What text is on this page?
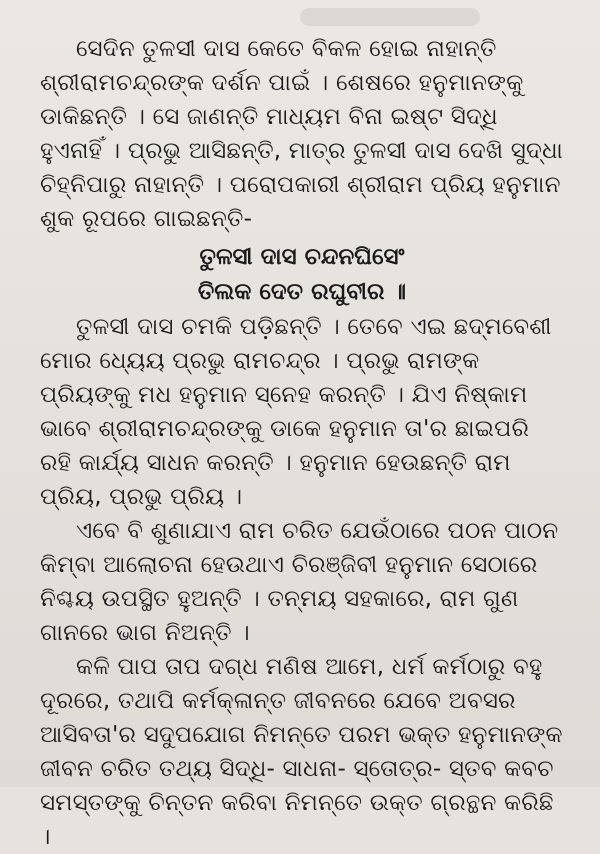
ସେଦିନ ତୁଳସୀ ଦାସ କେତେ ବିକଳ ହୋଇ ନାହାନ୍ତି ଶ୍ରୀରାମଚନ୍ଦ୍ରଙ୍କ ଦର୍ଶନ ପାଇଁ । ଶେଷରେ ହନୁମାନଙ୍କୁ ଡାକିଛନ୍ତି । ସେ ଜାଣନ୍ତି ମାଧ୍ୟମ ବିନା ଇଷ୍ଟ ସିଦ୍ଧି ହୁଏନାହିଁ । ପ୍ରଭୁ ଆସିଛନ୍ତି, ମାତ୍ର ତୁଳସୀ ଦାସ ଦେଖି ସୁଦ୍ଧା ଚିହ୍ନିପାରୁ ନାହାନ୍ତି । ପରୋପକାରୀ ଶ୍ରୀରାମ ପ୍ରିୟ ହନୁମାନ ଶୁକ ରୂପରେ ଗାଇଛନ୍ତି-

ତୁଳସୀ ଦାସ ଚନ୍ଦନଘିସେଂ

ତିଲକ ଦେତ ରଘୁବୀର ॥

ତୁଳସୀ ଦାସ ଚମକି ପଡ଼ିଛନ୍ତି । ତେବେ ଏଇ ଛଦ୍ମବେଶୀ ମୋର ଧ୍ୟେୟ ପ୍ରଭୁ ରାମଚନ୍ଦ୍ର । ପ୍ରଭୁ ରାମଙ୍କ ପ୍ରିୟଙ୍କୁ ମଧ ହନୁମାନ ସ୍ନେହ କରନ୍ତି । ଯିଏ ନିଷ୍କାମ ଭାବେ ଶ୍ରୀରାମଚନ୍ଦ୍ରଙ୍କୁ ଡାକେ ହନୁମାନ ତା'ର ଛାଇପରି ରହି କାର୍ଯ୍ୟ ସାଧନ କରନ୍ତି । ହନୁମାନ ହେଉଛନ୍ତି ରାମ ପ୍ରିୟ, ପ୍ରଭୁ ପ୍ରିୟ ।

ଏବେ ବି ଶୁଣାଯାଏ ରାମ ଚରିତ ଯେଉଁଠାରେ ପଠନ ପାଠନ କିମ୍ବା ଆଲୋଚନା ହେଉଥାଏ ଚିରଞ୍ଜିବୀ ହନୁମାନ ସେଠାରେ ନିଶ୍ଚୟ ଉପସ୍ଥିତ ହୁଅନ୍ତି । ତନ୍ମୟ ସହକାରେ, ରାମ ଗୁଣ ଗାନରେ ଭାଗ ନିଅନ୍ତି ।

କଳି ପାପ ତାପ ଦଗ୍ଧ ମଣିଷ ଆମେ, ଧର୍ମ କର୍ମଠାରୁ ବହୁ ଦୂରରେ, ତଥାପି କର୍ମକ୍ଳାନ୍ତ ଜୀବନରେ ଯେବେ ଅବସର ଆସିବତା'ର ସଦୁପଯୋଗ ନିମନ୍ତେ ପରମ ଭକ୍ତ ହନୁମାନଙ୍କ ଜୀବନ ଚରିତ ତଥ୍ୟ ସିଦ୍ଧି- ସାଧନା- ସ୍ତୋତ୍ର- ସ୍ତବ କବଚ ସମସ୍ତଙ୍କୁ ଚିନ୍ତନ କରିବା ନିମନ୍ତେ ଉକ୍ତ ଗ୍ରନ୍ଥନ କରିଛି ।
